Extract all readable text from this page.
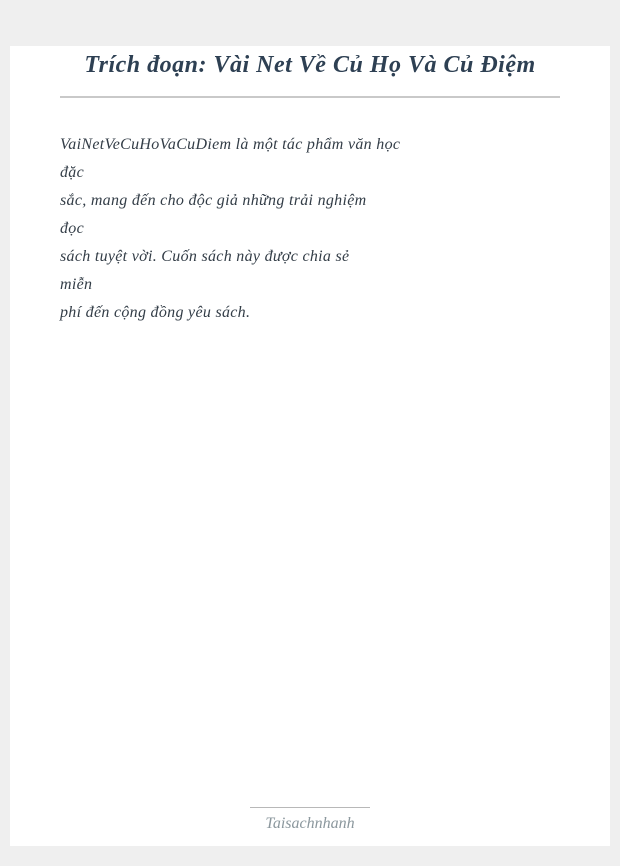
Trích đoạn: Vài Net Về Củ Họ Và Củ Điệm
VaiNetVeCuHoVaCuDiem là một tác phẩm văn học
đặc
sắc, mang đến cho độc giả những trải nghiệm
đọc
sách tuyệt vời. Cuốn sách này được chia sẻ
miễn
phí đến cộng đồng yêu sách.
Taisachnhanh
